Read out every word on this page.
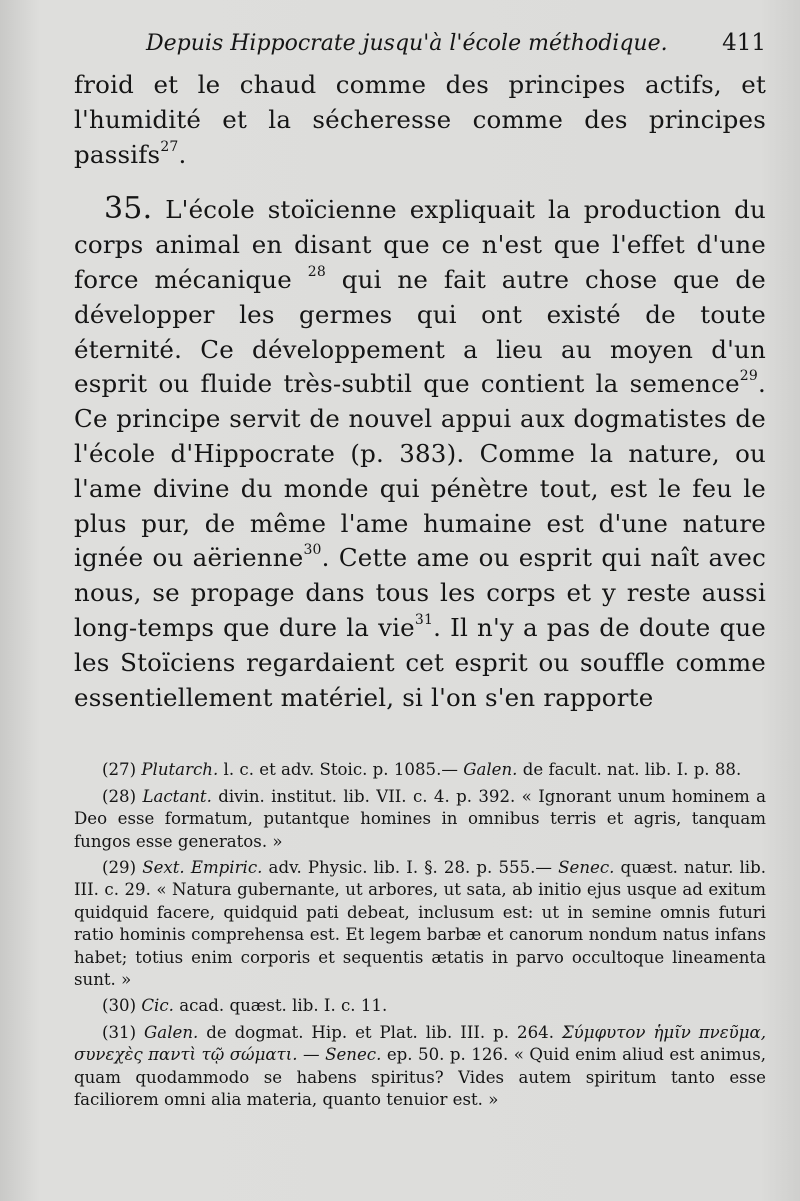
Depuis Hippocrate jusqu'à l'école méthodique. 411

froid et le chaud comme des principes actifs, et l'humidité et la sécheresse comme des principes passifs$^{27}$.

35. L'école stoïcienne expliquait la production du corps animal en disant que ce n'est que l'effet d'une force mécanique $^{28}$ qui ne fait autre chose que de développer les germes qui ont existé de toute éternité. Ce développement a lieu au moyen d'un esprit ou fluide très-subtil que contient la semence$^{29}$. Ce principe servit de nouvel appui aux dogmatistes de l'école d'Hippocrate (p. 383). Comme la nature, ou l'ame divine du monde qui pénètre tout, est le feu le plus pur, de même l'ame humaine est d'une nature ignée ou aërienne$^{30}$. Cette ame ou esprit qui naît avec nous, se propage dans tous les corps et y reste aussi long-temps que dure la vie$^{31}$. Il n'y a pas de doute que les Stoïciens regardaient cet esprit ou souffle comme essentiellement matériel, si l'on s'en rapporte

(27) Plutarch. l. c. et adv. Stoic. p. 1085.— Galen. de facult. nat. lib. I. p. 88.

(28) Lactant. divin. institut. lib. VII. c. 4. p. 392. « Ignorant unum hominem a Deo esse formatum, putantque homines in omnibus terris et agris, tanquam fungos esse generatos. »

(29) Sext. Empiric. adv. Physic. lib. I. §. 28. p. 555.— Senec. quæst. natur. lib. III. c. 29. « Natura gubernante, ut arbores, ut sata, ab initio ejus usque ad exitum quidquid facere, quidquid pati debeat, inclusum est: ut in semine omnis futuri ratio hominis comprehensa est. Et legem barbæ et canorum nondum natus infans habet; totius enim corporis et sequentis ætatis in parvo occultoque lineamenta sunt. »

(30) Cic. acad. quæst. lib. I. c. 11.

(31) Galen. de dogmat. Hip. et Plat. lib. III. p. 264. Σύμφυτον ἡμῖν πνεῦμα, συνεχὲς παντὶ τῷ σώματι. — Senec. ep. 50. p. 126. « Quid enim aliud est animus, quam quodammodo se habens spiritus? Vides autem spiritum tanto esse faciliorem omni alia materia, quanto tenuior est. »
